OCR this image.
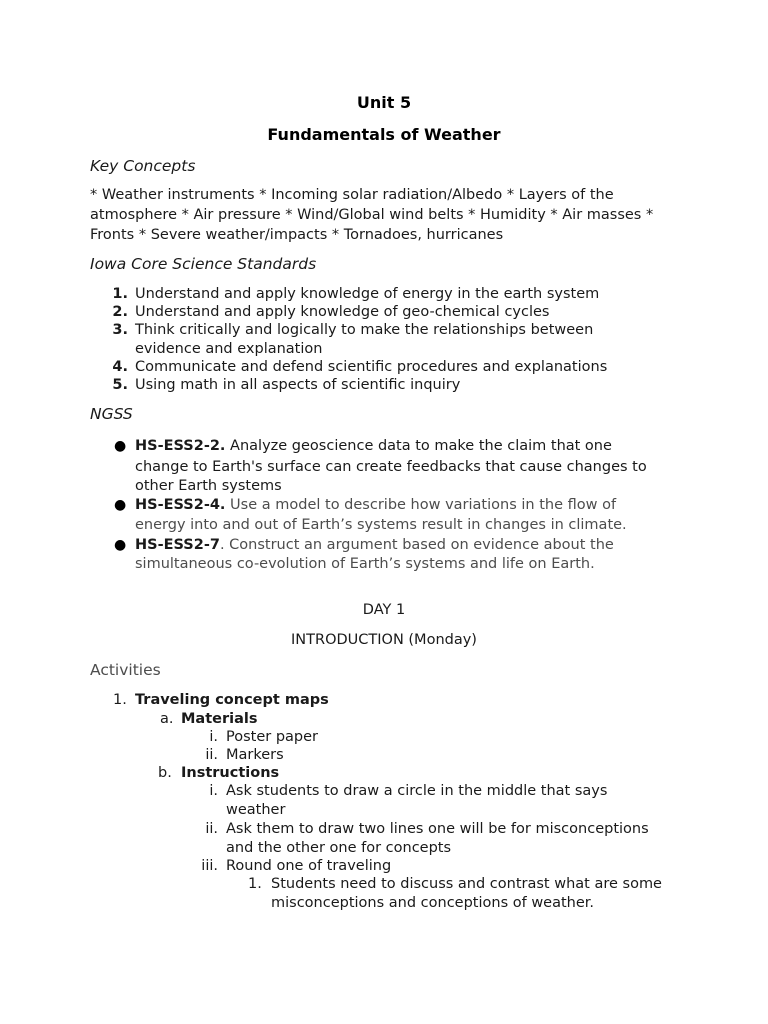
Unit 5
Fundamentals of Weather
Key Concepts
* Weather instruments * Incoming solar radiation/Albedo * Layers of the
atmosphere * Air pressure * Wind/Global wind belts * Humidity * Air masses *
Fronts * Severe weather/impacts * Tornadoes, hurricanes
Iowa Core Science Standards
1. Understand and apply knowledge of energy in the earth system
2. Understand and apply knowledge of geo-chemical cycles
3. Think critically and logically to make the relationships between
evidence and explanation
4. Communicate and defend scientific procedures and explanations
5. Using math in all aspects of scientific inquiry
NGSS
● HS-ESS2-2. Analyze geoscience data to make the claim that one
change to Earth's surface can create feedbacks that cause changes to
other Earth systems
● HS-ESS2-4. Use a model to describe how variations in the flow of
energy into and out of Earth’s systems result in changes in climate.
● HS-ESS2-7. Construct an argument based on evidence about the
simultaneous co-evolution of Earth’s systems and life on Earth.
DAY 1
INTRODUCTION (Monday)
Activities
1. Traveling concept maps
a. Materials
i. Poster paper
ii. Markers
b. Instructions
i. Ask students to draw a circle in the middle that says
weather
ii. Ask them to draw two lines one will be for misconceptions
and the other one for concepts
iii. Round one of traveling
1. Students need to discuss and contrast what are some
misconceptions and conceptions of weather.
